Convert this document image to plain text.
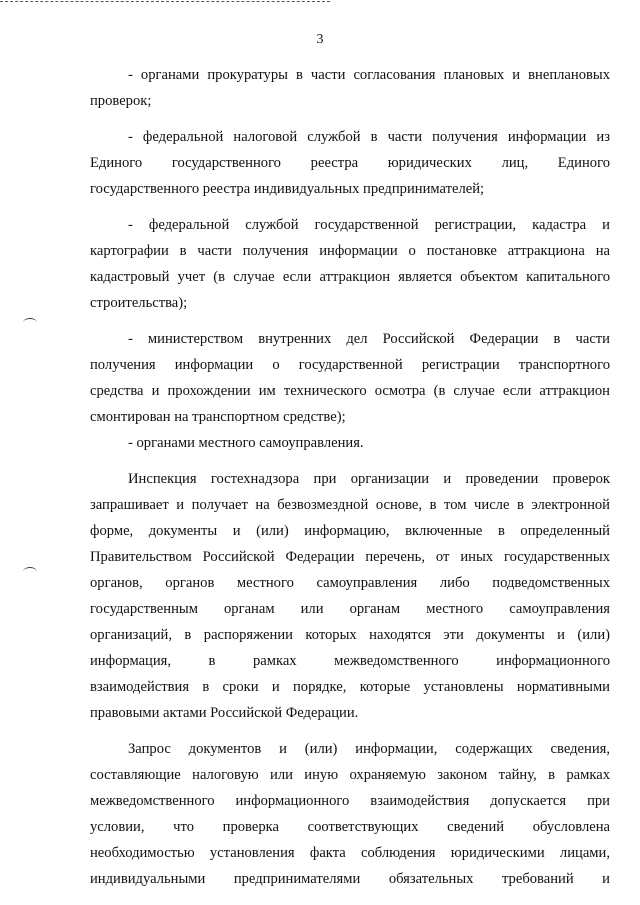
3
- органами прокуратуры в части согласования плановых и внеплановых
проверок;
- федеральной налоговой службой в части получения информации из
Единого государственного реестра юридических лиц, Единого
государственного реестра индивидуальных предпринимателей;
- федеральной службой государственной регистрации, кадастра и
картографии в части получения информации о постановке аттракциона на
кадастровый учет (в случае если аттракцион является объектом капитального
строительства);
- министерством внутренних дел Российской Федерации в части
получения информации о государственной регистрации транспортного
средства и прохождении им технического осмотра (в случае если аттракцион
смонтирован на транспортном средстве);
- органами местного самоуправления.
Инспекция гостехнадзора при организации и проведении проверок
запрашивает и получает на безвозмездной основе, в том числе в электронной
форме, документы и (или) информацию, включенные в определенный
Правительством Российской Федерации перечень, от иных государственных
органов, органов местного самоуправления либо подведомственных
государственным органам или органам местного самоуправления
организаций, в распоряжении которых находятся эти документы и (или)
информация, в рамках межведомственного информационного
взаимодействия в сроки и порядке, которые установлены нормативными
правовыми актами Российской Федерации.
Запрос документов и (или) информации, содержащих сведения,
составляющие налоговую или иную охраняемую законом тайну, в рамках
межведомственного информационного взаимодействия допускается при
условии, что проверка соответствующих сведений обусловлена
необходимостью установления факта соблюдения юридическими лицами,
индивидуальными предпринимателями обязательных требований и
